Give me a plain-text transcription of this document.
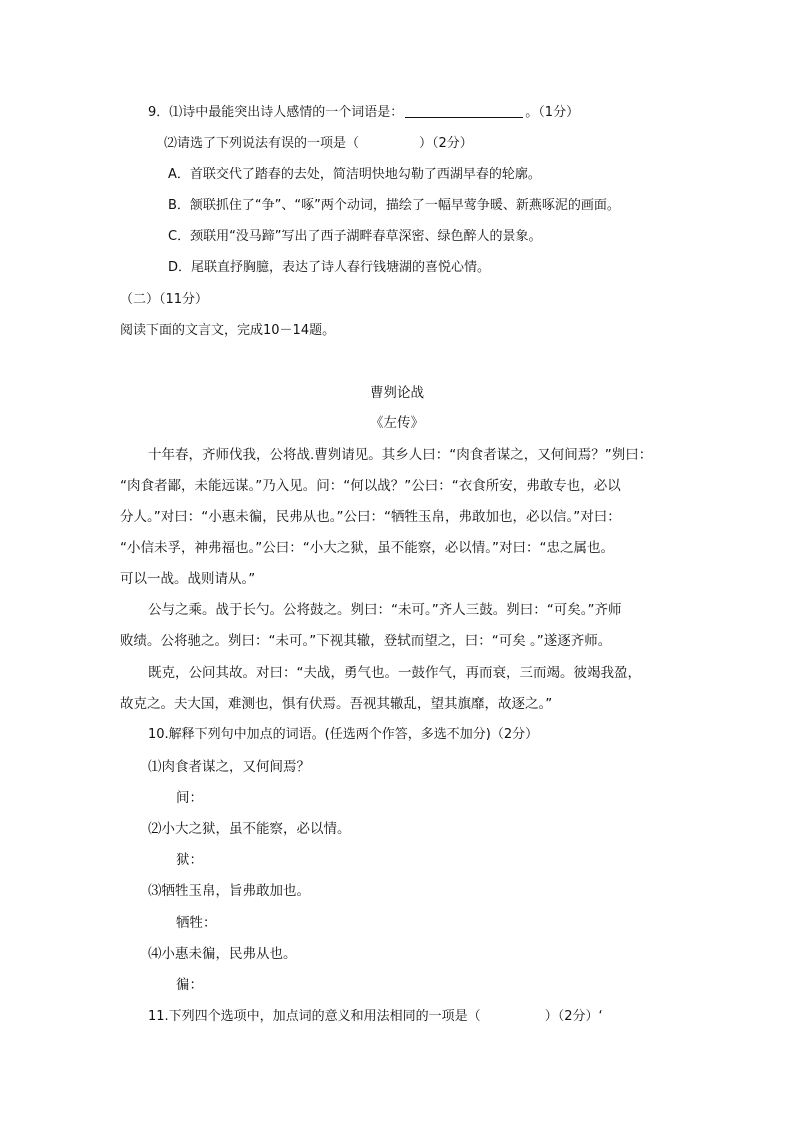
9．⑴诗中最能突出诗人感情的一个词语是：	。（1分）
⑵请选了下列说法有误的一项是（	）（2分）
A．首联交代了踏春的去处，简洁明快地勾勒了西湖早春的轮廓。
B．颔联抓住了“争”、“啄”两个动词，描绘了一幅早莺争暖、新燕啄泥的画面。
C．颈联用“没马蹄”写出了西子湖畔春草深密、绿色醉人的景象。
D．尾联直抒胸臆，表达了诗人春行钱塘湖的喜悦心情。
（二）（11分）
阅读下面的文言文，完成10－14题。
曹刿论战
《左传》
十年春，齐师伐我，公将战.曹刿请见。其乡人曰：“肉食者谋之，又何间焉？”刿曰：
“肉食者鄙，未能远谋。”乃入见。问：“何以战？”公曰：“衣食所安，弗敢专也，必以
分人。”对曰：“小惠未徧，民弗从也。”公曰：“牺牲玉帛，弗敢加也，必以信。”对曰：
“小信未孚，神弗福也。”公曰：“小大之狱，虽不能察，必以情。”对曰：“忠之属也。
可以一战。战则请从。”
公与之乘。战于长勺。公将鼓之。刿曰：“未可。”齐人三鼓。刿曰：“可矣。”齐师
败绩。公将驰之。刿曰：“未可。”下视其辙，登轼而望之，曰：“可矣 。”遂逐齐师。
既克，公问其故。对曰：“夫战，勇气也。一鼓作气，再而衰，三而竭。彼竭我盈，
故克之。夫大国，难测也，惧有伏焉。吾视其辙乱，望其旗靡，故逐之。”
10.解释下列句中加点的词语。(任选两个作答，多选不加分)（2分）
⑴肉食者谋之，又何间焉？
间：
⑵小大之狱，虽不能察，必以情。
狱：
⑶牺牲玉帛，旨弗敢加也。
牺牲：
⑷小惠未徧，民弗从也。
徧：
11.下列四个选项中，加点词的意义和用法相同的一项是（	）（2分）‘
